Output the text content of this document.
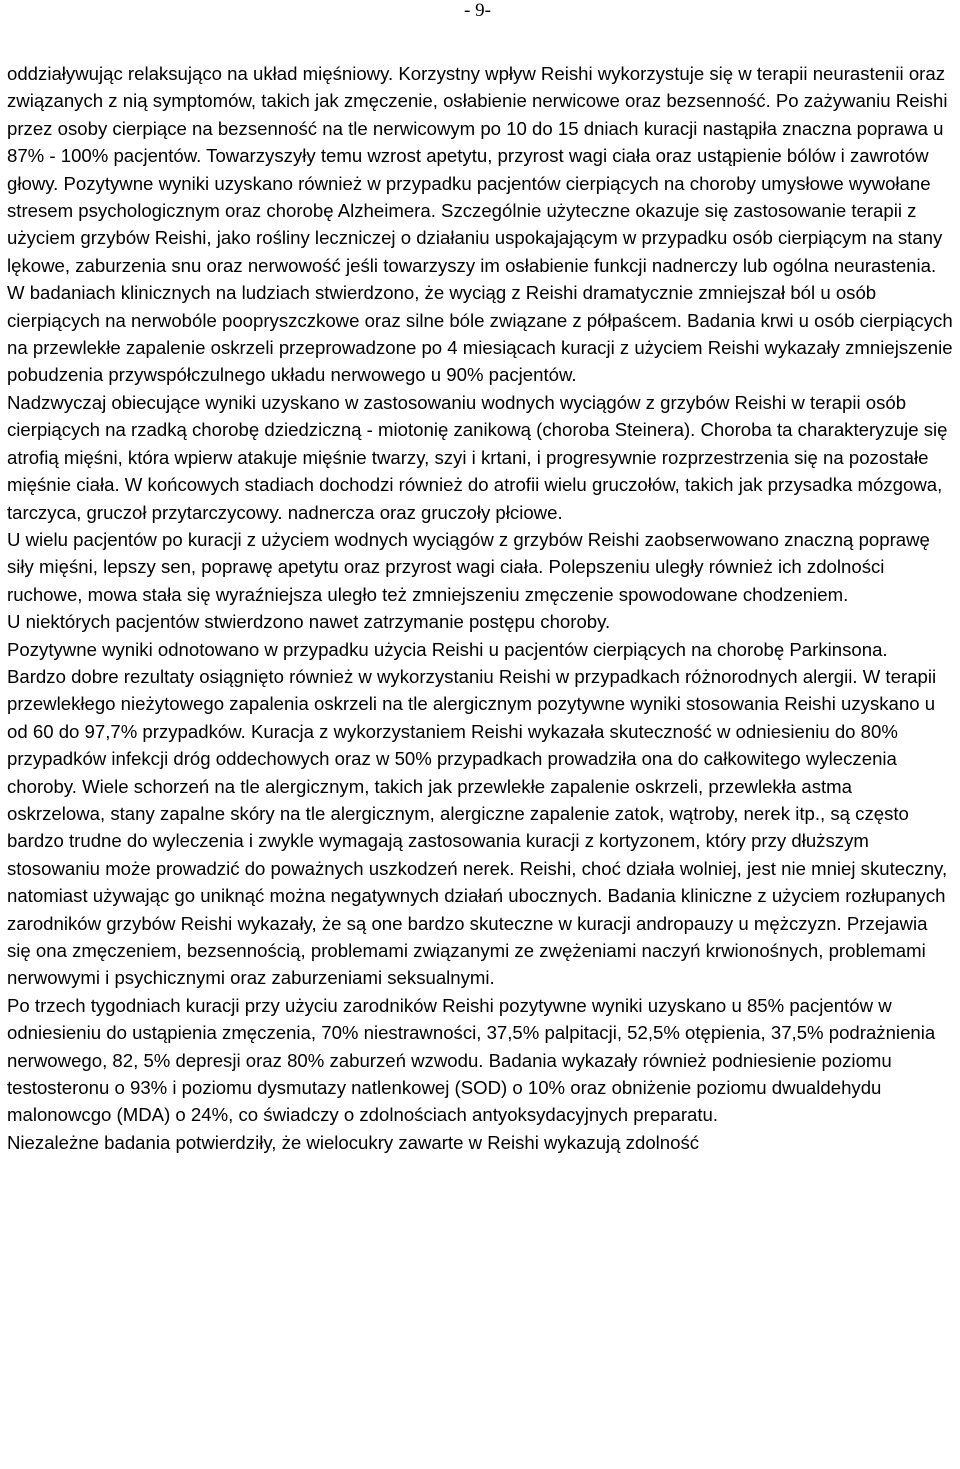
- 9-

oddziaływując relaksująco na układ mięśniowy. Korzystny wpływ Reishi wykorzystuje się w terapii neurastenii oraz związanych z nią symptomów, takich jak zmęczenie, osłabienie nerwicowe oraz bezsenność. Po zażywaniu Reishi przez osoby cierpiące na bezsenność na tle nerwicowym po 10 do 15 dniach kuracji nastąpiła znaczna poprawa u 87% - 100% pacjentów. Towarzyszyły temu wzrost apetytu, przyrost wagi ciała oraz ustąpienie bólów i zawrotów głowy. Pozytywne wyniki uzyskano również w przypadku pacjentów cierpiących na choroby umysłowe wywołane stresem psychologicznym oraz chorobę Alzheimera. Szczególnie użyteczne okazuje się zastosowanie terapii z użyciem grzybów Reishi, jako rośliny leczniczej o działaniu uspokajającym w przypadku osób cierpiącym na stany lękowe, zaburzenia snu oraz nerwowość jeśli towarzyszy im osłabienie funkcji nadnerczy lub ogólna neurastenia.

W badaniach klinicznych na ludziach stwierdzono, że wyciąg z Reishi dramatycznie zmniejszał ból u osób cierpiących na nerwobóle poopryszczkowe oraz silne bóle związane z półpaścem. Badania krwi u osób cierpiących na przewlekłe zapalenie oskrzeli przeprowadzone po 4 miesiącach kuracji z użyciem Reishi wykazały zmniejszenie pobudzenia przywspółczulnego układu nerwowego u 90% pacjentów.

Nadzwyczaj obiecujące wyniki uzyskano w zastosowaniu wodnych wyciągów z grzybów Reishi w terapii osób cierpiących na rzadką chorobę dziedziczną - miotonię zanikową (choroba Steinera). Choroba ta charakteryzuje się atrofią mięśni, która wpierw atakuje mięśnie twarzy, szyi i krtani, i progresywnie rozprzestrzenia się na pozostałe mięśnie ciała. W końcowych stadiach dochodzi również do atrofii wielu gruczołów, takich jak przysadka mózgowa, tarczyca, gruczoł przytarczycowy. nadnercza oraz gruczoły płciowe.

U wielu pacjentów po kuracji z użyciem wodnych wyciągów z grzybów Reishi zaobserwowano znaczną poprawę siły mięśni, lepszy sen, poprawę apetytu oraz przyrost wagi ciała. Polepszeniu uległy również ich zdolności ruchowe, mowa stała się wyraźniejsza uległo też zmniejszeniu zmęczenie spowodowane chodzeniem.

U niektórych pacjentów stwierdzono nawet zatrzymanie postępu choroby.

Pozytywne wyniki odnotowano w przypadku użycia Reishi u pacjentów cierpiących na chorobę Parkinsona.

Bardzo dobre rezultaty osiągnięto również w wykorzystaniu Reishi w przypadkach różnorodnych alergii. W terapii przewlekłego nieżytowego zapalenia oskrzeli na tle alergicznym pozytywne wyniki stosowania Reishi uzyskano u od 60 do 97,7% przypadków. Kuracja z wykorzystaniem Reishi wykazała skuteczność w odniesieniu do 80% przypadków infekcji dróg oddechowych oraz w 50% przypadkach prowadziła ona do całkowitego wyleczenia choroby. Wiele schorzeń na tle alergicznym, takich jak przewlekłe zapalenie oskrzeli, przewlekła astma oskrzelowa, stany zapalne skóry na tle alergicznym, alergiczne zapalenie zatok, wątroby, nerek itp., są często bardzo trudne do wyleczenia i zwykle wymagają zastosowania kuracji z kortyzonem, który przy dłuższym stosowaniu może prowadzić do poważnych uszkodzeń nerek. Reishi, choć działa wolniej, jest nie mniej skuteczny, natomiast używając go uniknąć można negatywnych działań ubocznych. Badania kliniczne z użyciem rozłupanych zarodników grzybów Reishi wykazały, że są one bardzo skuteczne w kuracji andropauzy u mężczyzn. Przejawia się ona zmęczeniem, bezsennością, problemami związanymi ze zwężeniami naczyń krwionośnych, problemami nerwowymi i psychicznymi oraz zaburzeniami seksualnymi.

Po trzech tygodniach kuracji przy użyciu zarodników Reishi pozytywne wyniki uzyskano u 85% pacjentów w odniesieniu do ustąpienia zmęczenia, 70% niestrawności, 37,5% palpitacji, 52,5% otępienia, 37,5% podrażnienia nerwowego, 82, 5% depresji oraz 80% zaburzeń wzwodu. Badania wykazały również podniesienie poziomu testosteronu o 93% i poziomu dysmutazy natlenkowej (SOD) o 10% oraz obniżenie poziomu dwualdehydu malonowcgo (MDA) o 24%, co świadczy o zdolnościach antyoksydacyjnych preparatu.

Niezależne badania potwierdziły, że wielocukry zawarte w Reishi wykazują zdolność
